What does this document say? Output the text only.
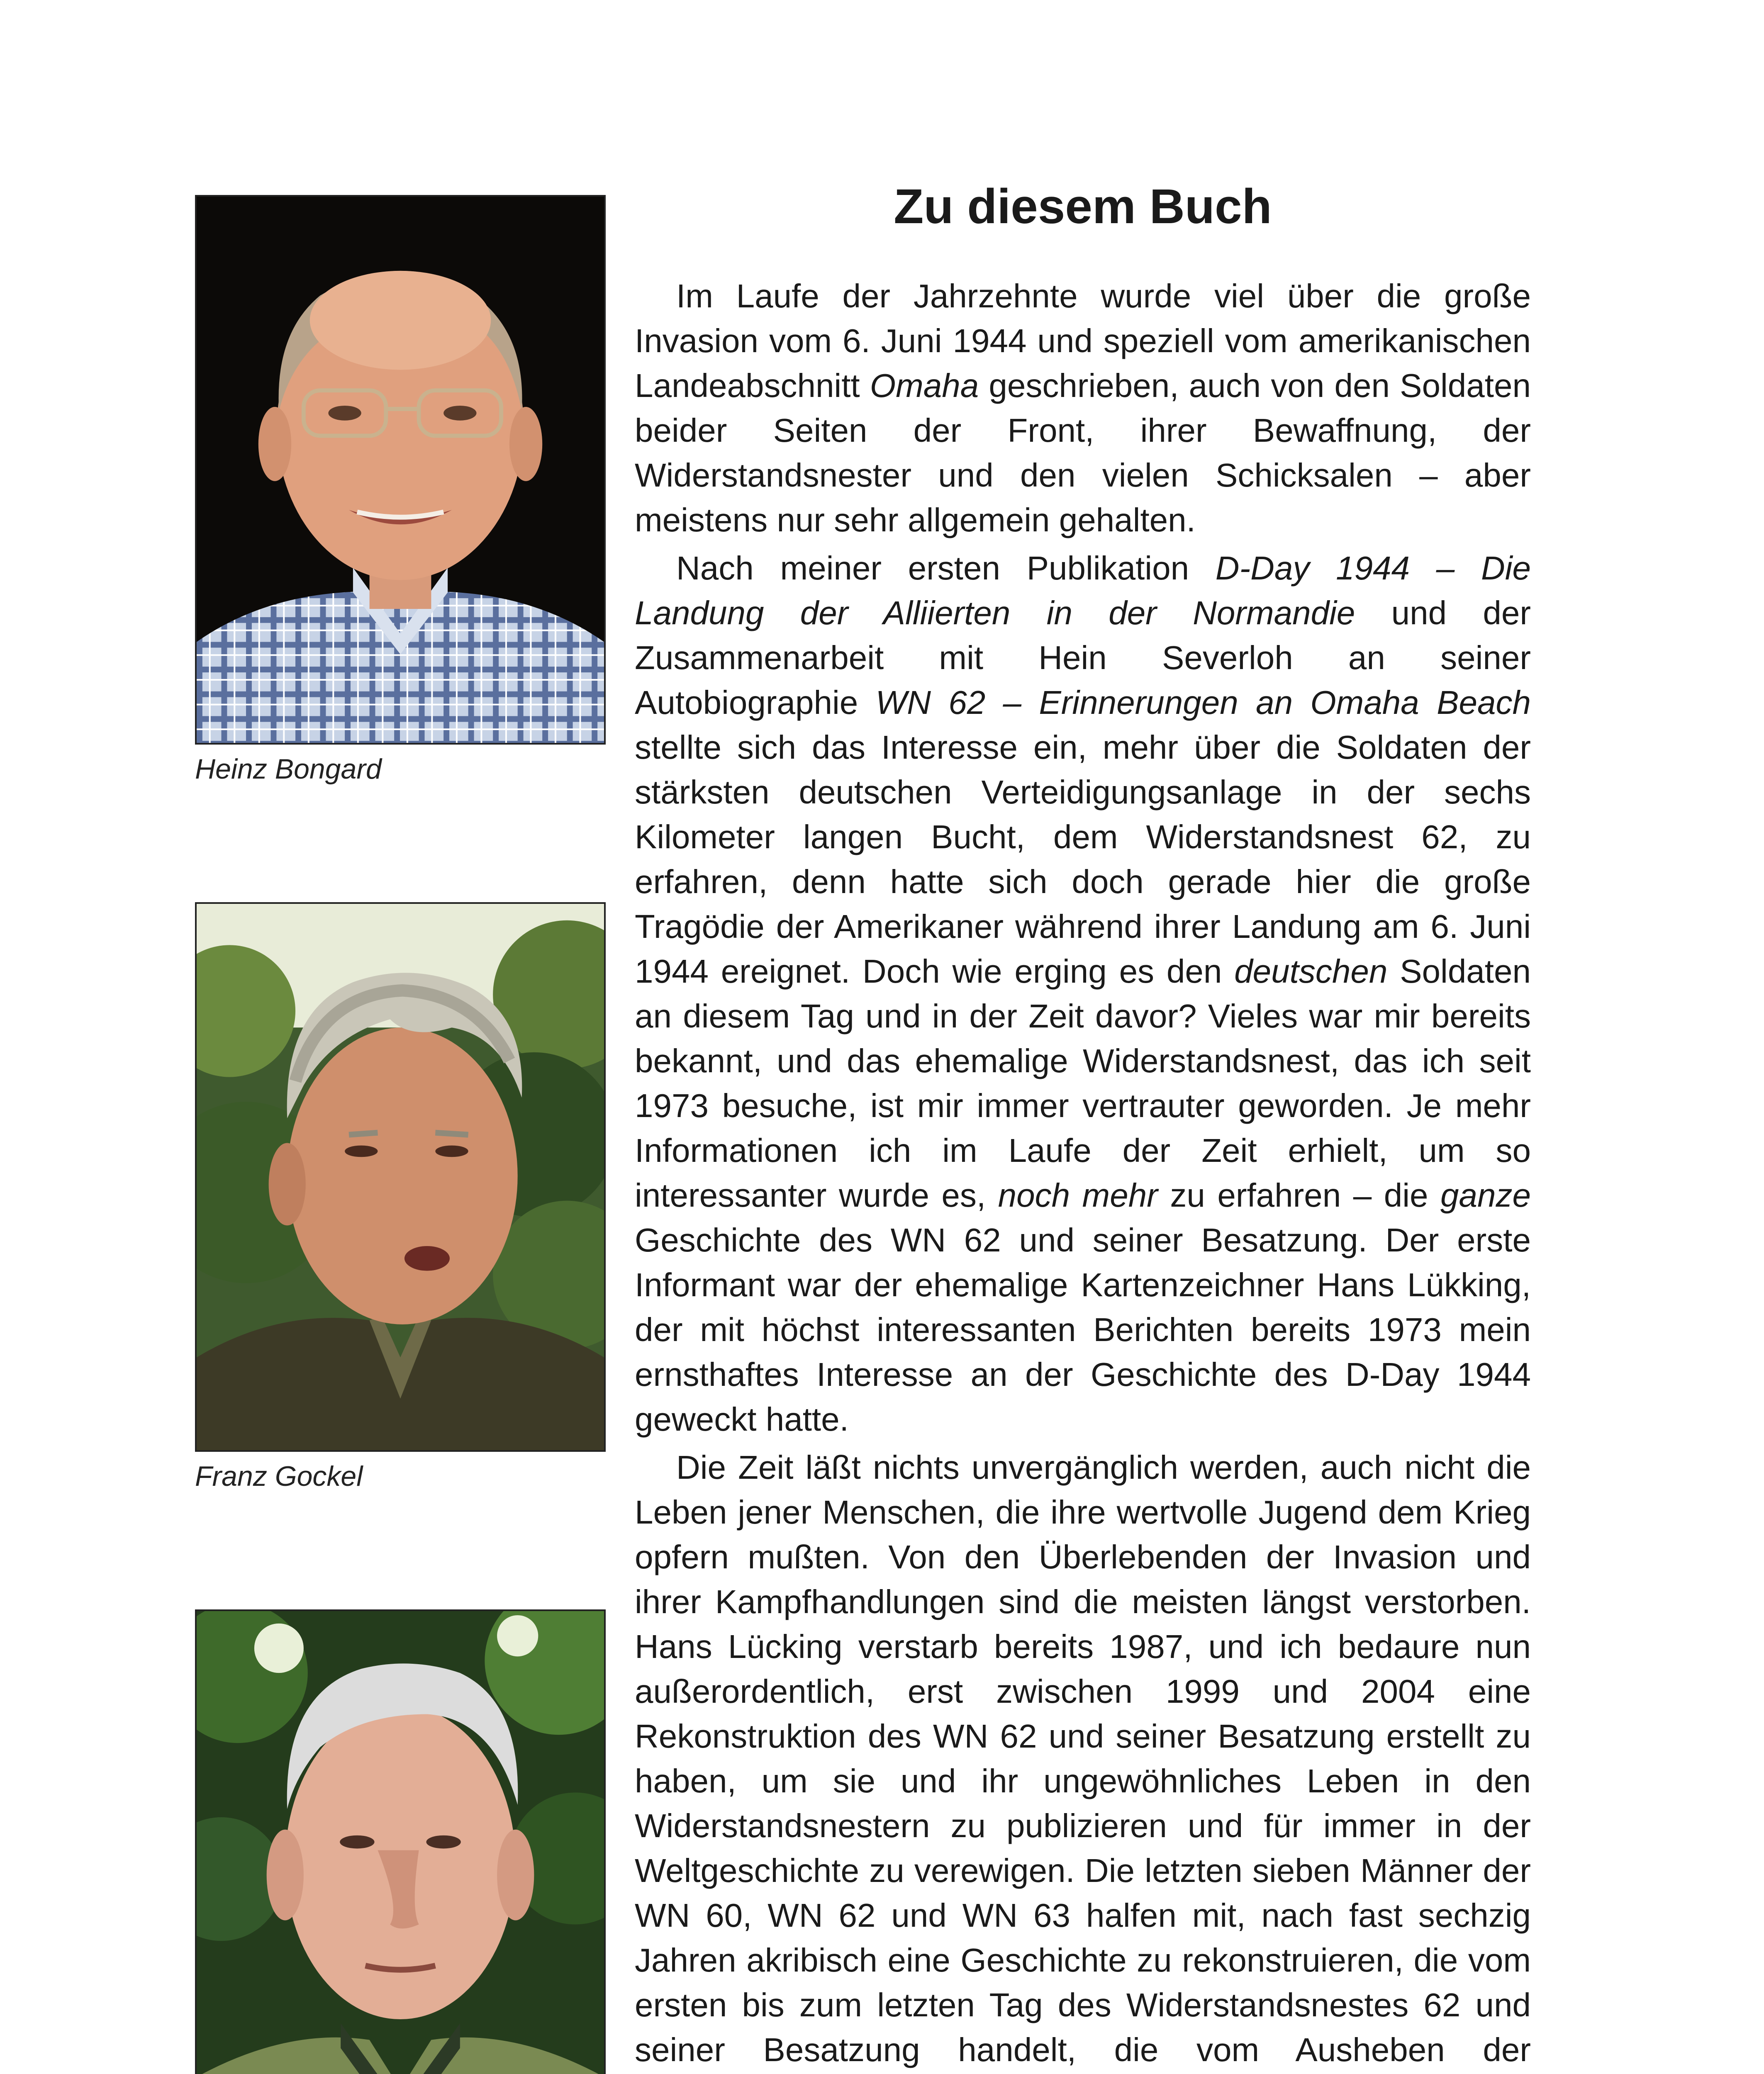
Heinz Bongard
Franz Gockel
Zu diesem Buch

Im Laufe der Jahrzehnte wurde viel über die große Invasion vom 6. Juni 1944 und speziell vom amerikanischen Landeabschnitt Omaha geschrieben, auch von den Soldaten beider Seiten der Front, ihrer Bewaffnung, der Widerstandsnester und den vielen Schicksalen – aber meistens nur sehr allgemein gehalten.

Nach meiner ersten Publikation D-Day 1944 – Die Landung der Alliierten in der Normandie und der Zusammenarbeit mit Hein Severloh an seiner Autobiographie WN 62 – Erinnerungen an Omaha Beach stellte sich das Interesse ein, mehr über die Soldaten der stärksten deutschen Verteidigungsanlage in der sechs Kilometer langen Bucht, dem Widerstandsnest 62, zu erfahren, denn hatte sich doch gerade hier die große Tragödie der Amerikaner während ihrer Landung am 6. Juni 1944 ereignet. Doch wie erging es den deutschen Soldaten an diesem Tag und in der Zeit davor? Vieles war mir bereits bekannt, und das ehemalige Widerstandsnest, das ich seit 1973 besuche, ist mir immer vertrauter geworden. Je mehr Informationen ich im Laufe der Zeit erhielt, um so interessanter wurde es, noch mehr zu erfahren – die ganze Geschichte des WN 62 und seiner Besatzung. Der erste Informant war der ehemalige Kartenzeichner Hans Lükking, der mit höchst interessanten Berichten bereits 1973 mein ernsthaftes Interesse an der Geschichte des D-Day 1944 geweckt hatte.

Die Zeit läßt nichts unvergänglich werden, auch nicht die Leben jener Menschen, die ihre wertvolle Jugend dem Krieg opfern mußten. Von den Überlebenden der Invasion und ihrer Kampfhandlungen sind die meisten längst verstorben. Hans Lücking verstarb bereits 1987, und ich bedaure nun außerordentlich, erst zwischen 1999 und 2004 eine Rekonstruktion des WN 62 und seiner Besatzung erstellt zu haben, um sie und ihr ungewöhnliches Leben in den Widerstandsnestern zu publizieren und für immer in der Weltgeschichte zu verewigen. Die letzten sieben Männer der WN 60, WN 62 und WN 63 halfen mit, nach fast sechzig Jahren akribisch eine Geschichte zu rekonstruieren, die vom ersten bis zum letzten Tag des Widerstandsnestes 62 und seiner Besatzung handelt, die vom Ausheben der
